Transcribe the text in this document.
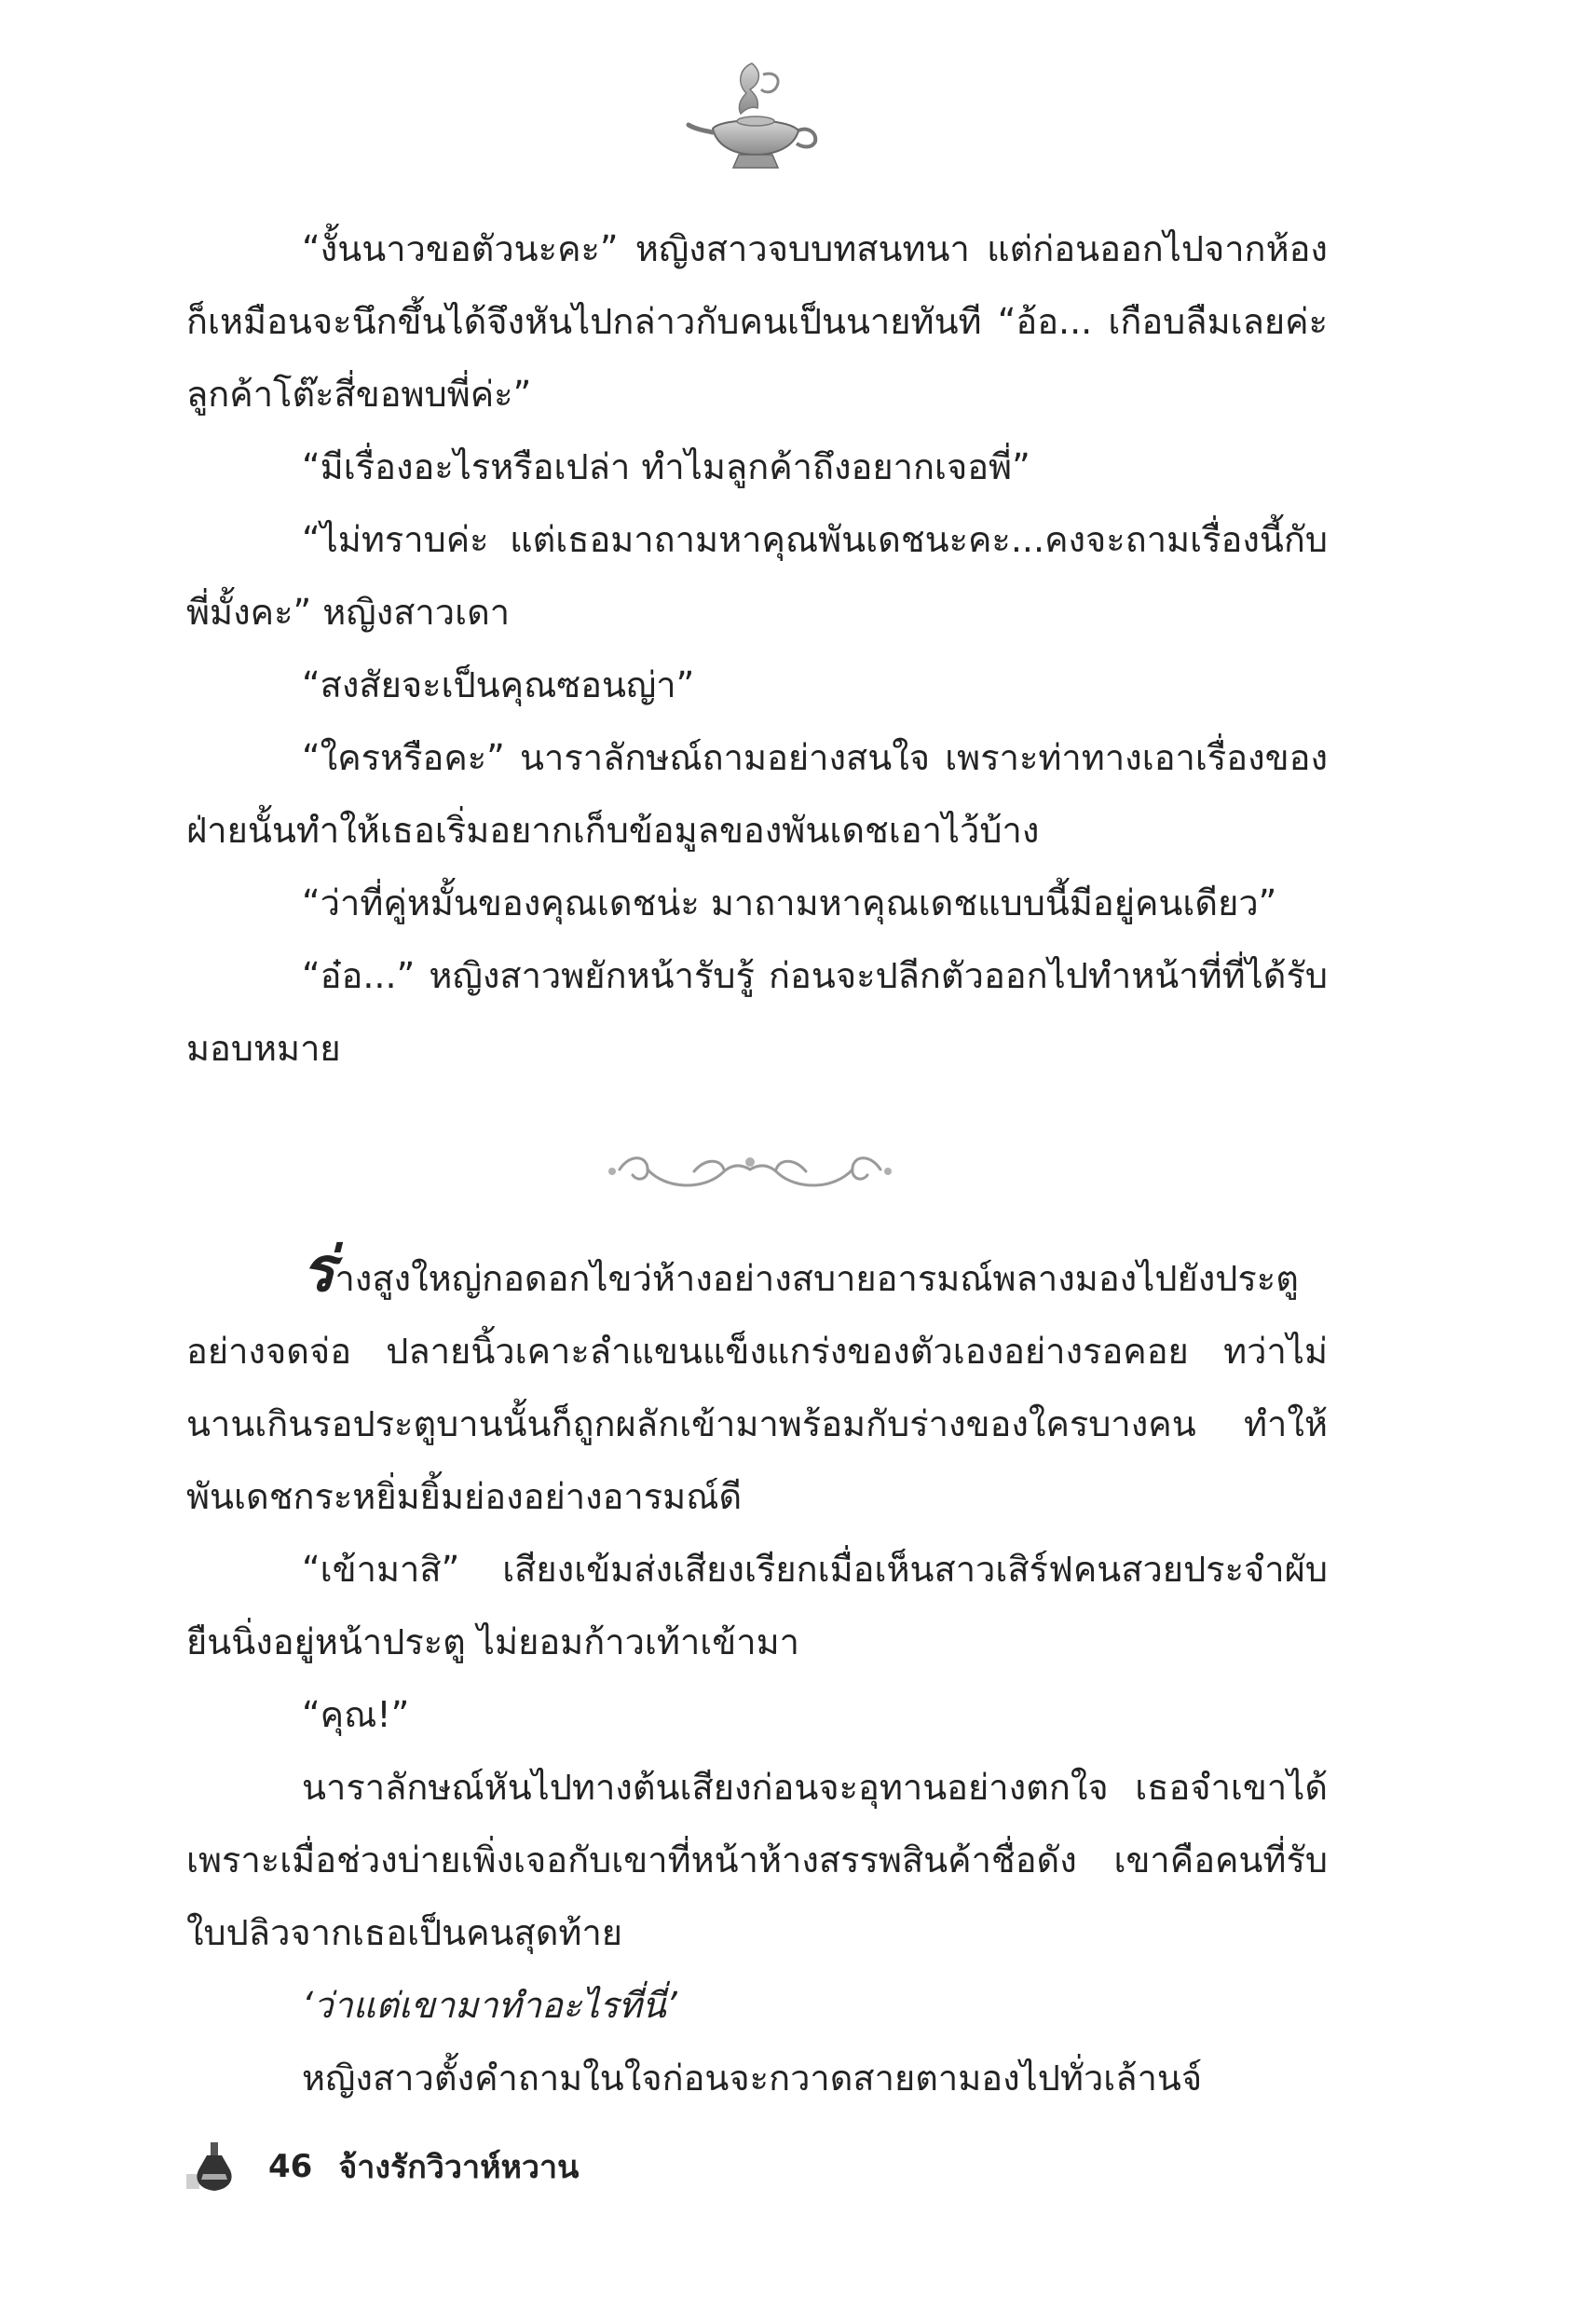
“งั้นนาวขอตัวนะคะ” หญิงสาวจบบทสนทนา แต่ก่อนออกไปจากห้องก็เหมือนจะนึกขึ้นได้จึงหันไปกล่าวกับคนเป็นนายทันที “อ้อ... เกือบลืมเลยค่ะ ลูกค้าโต๊ะสี่ขอพบพี่ค่ะ”

“มีเรื่องอะไรหรือเปล่า ทำไมลูกค้าถึงอยากเจอพี่”

“ไม่ทราบค่ะ แต่เธอมาถามหาคุณพันเดชนะคะ...คงจะถามเรื่องนี้กับพี่มั้งคะ” หญิงสาวเดา

“สงสัยจะเป็นคุณซอนญ่า”

“ใครหรือคะ” นาราลักษณ์ถามอย่างสนใจ เพราะท่าทางเอาเรื่องของฝ่ายนั้นทำให้เธอเริ่มอยากเก็บข้อมูลของพันเดชเอาไว้บ้าง

“ว่าที่คู่หมั้นของคุณเดชน่ะ มาถามหาคุณเดชแบบนี้มีอยู่คนเดียว”

“อ๋อ...” หญิงสาวพยักหน้ารับรู้ ก่อนจะปลีกตัวออกไปทำหน้าที่ที่ได้รับมอบหมาย

ร่างสูงใหญ่กอดอกไขว่ห้างอย่างสบายอารมณ์พลางมองไปยังประตูอย่างจดจ่อ ปลายนิ้วเคาะลำแขนแข็งแกร่งของตัวเองอย่างรอคอย ทว่าไม่นานเกินรอประตูบานนั้นก็ถูกผลักเข้ามาพร้อมกับร่างของใครบางคน ทำให้พันเดชกระหยิ่มยิ้มย่องอย่างอารมณ์ดี

“เข้ามาสิ” เสียงเข้มส่งเสียงเรียกเมื่อเห็นสาวเสิร์ฟคนสวยประจำผับยืนนิ่งอยู่หน้าประตู ไม่ยอมก้าวเท้าเข้ามา

“คุณ!”

นาราลักษณ์หันไปทางต้นเสียงก่อนจะอุทานอย่างตกใจ เธอจำเขาได้ เพราะเมื่อช่วงบ่ายเพิ่งเจอกับเขาที่หน้าห้างสรรพสินค้าชื่อดัง เขาคือคนที่รับใบปลิวจากเธอเป็นคนสุดท้าย

‘ว่าแต่เขามาทำอะไรที่นี่’

หญิงสาวตั้งคำถามในใจก่อนจะกวาดสายตามองไปทั่วเล้านจ์

46 จ้างรักวิวาห์หวาน
